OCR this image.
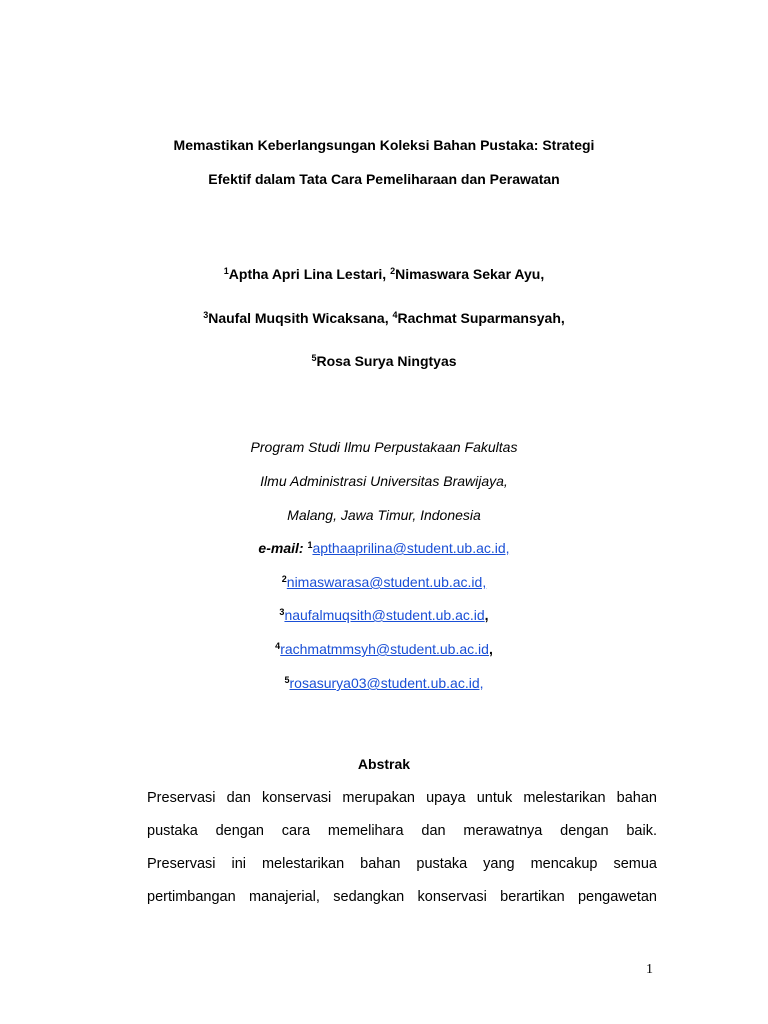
Memastikan Keberlangsungan Koleksi Bahan Pustaka: Strategi
Efektif dalam Tata Cara Pemeliharaan dan Perawatan
$^1$Aptha Apri Lina Lestari, $^2$Nimaswara Sekar Ayu,
$^3$Naufal Muqsith Wicaksana, $^4$Rachmat Suparmansyah,
$^5$Rosa Surya Ningtyas
Program Studi Ilmu Perpustakaan Fakultas
Ilmu Administrasi Universitas Brawijaya,
Malang, Jawa Timur, Indonesia
e-mail: $^1$apthaaprilina@student.ub.ac.id,
$^2$nimaswarasa@student.ub.ac.id,
$^3$naufalmuqsith@student.ub.ac.id,
$^4$rachmatmmsyh@student.ub.ac.id,
$^5$rosasurya03@student.ub.ac.id,
Abstrak
Preservasi dan konservasi merupakan upaya untuk melestarikan bahan
pustaka dengan cara memelihara dan merawatnya dengan baik.
Preservasi ini melestarikan bahan pustaka yang mencakup semua
pertimbangan manajerial, sedangkan konservasi berartikan pengawetan
1
